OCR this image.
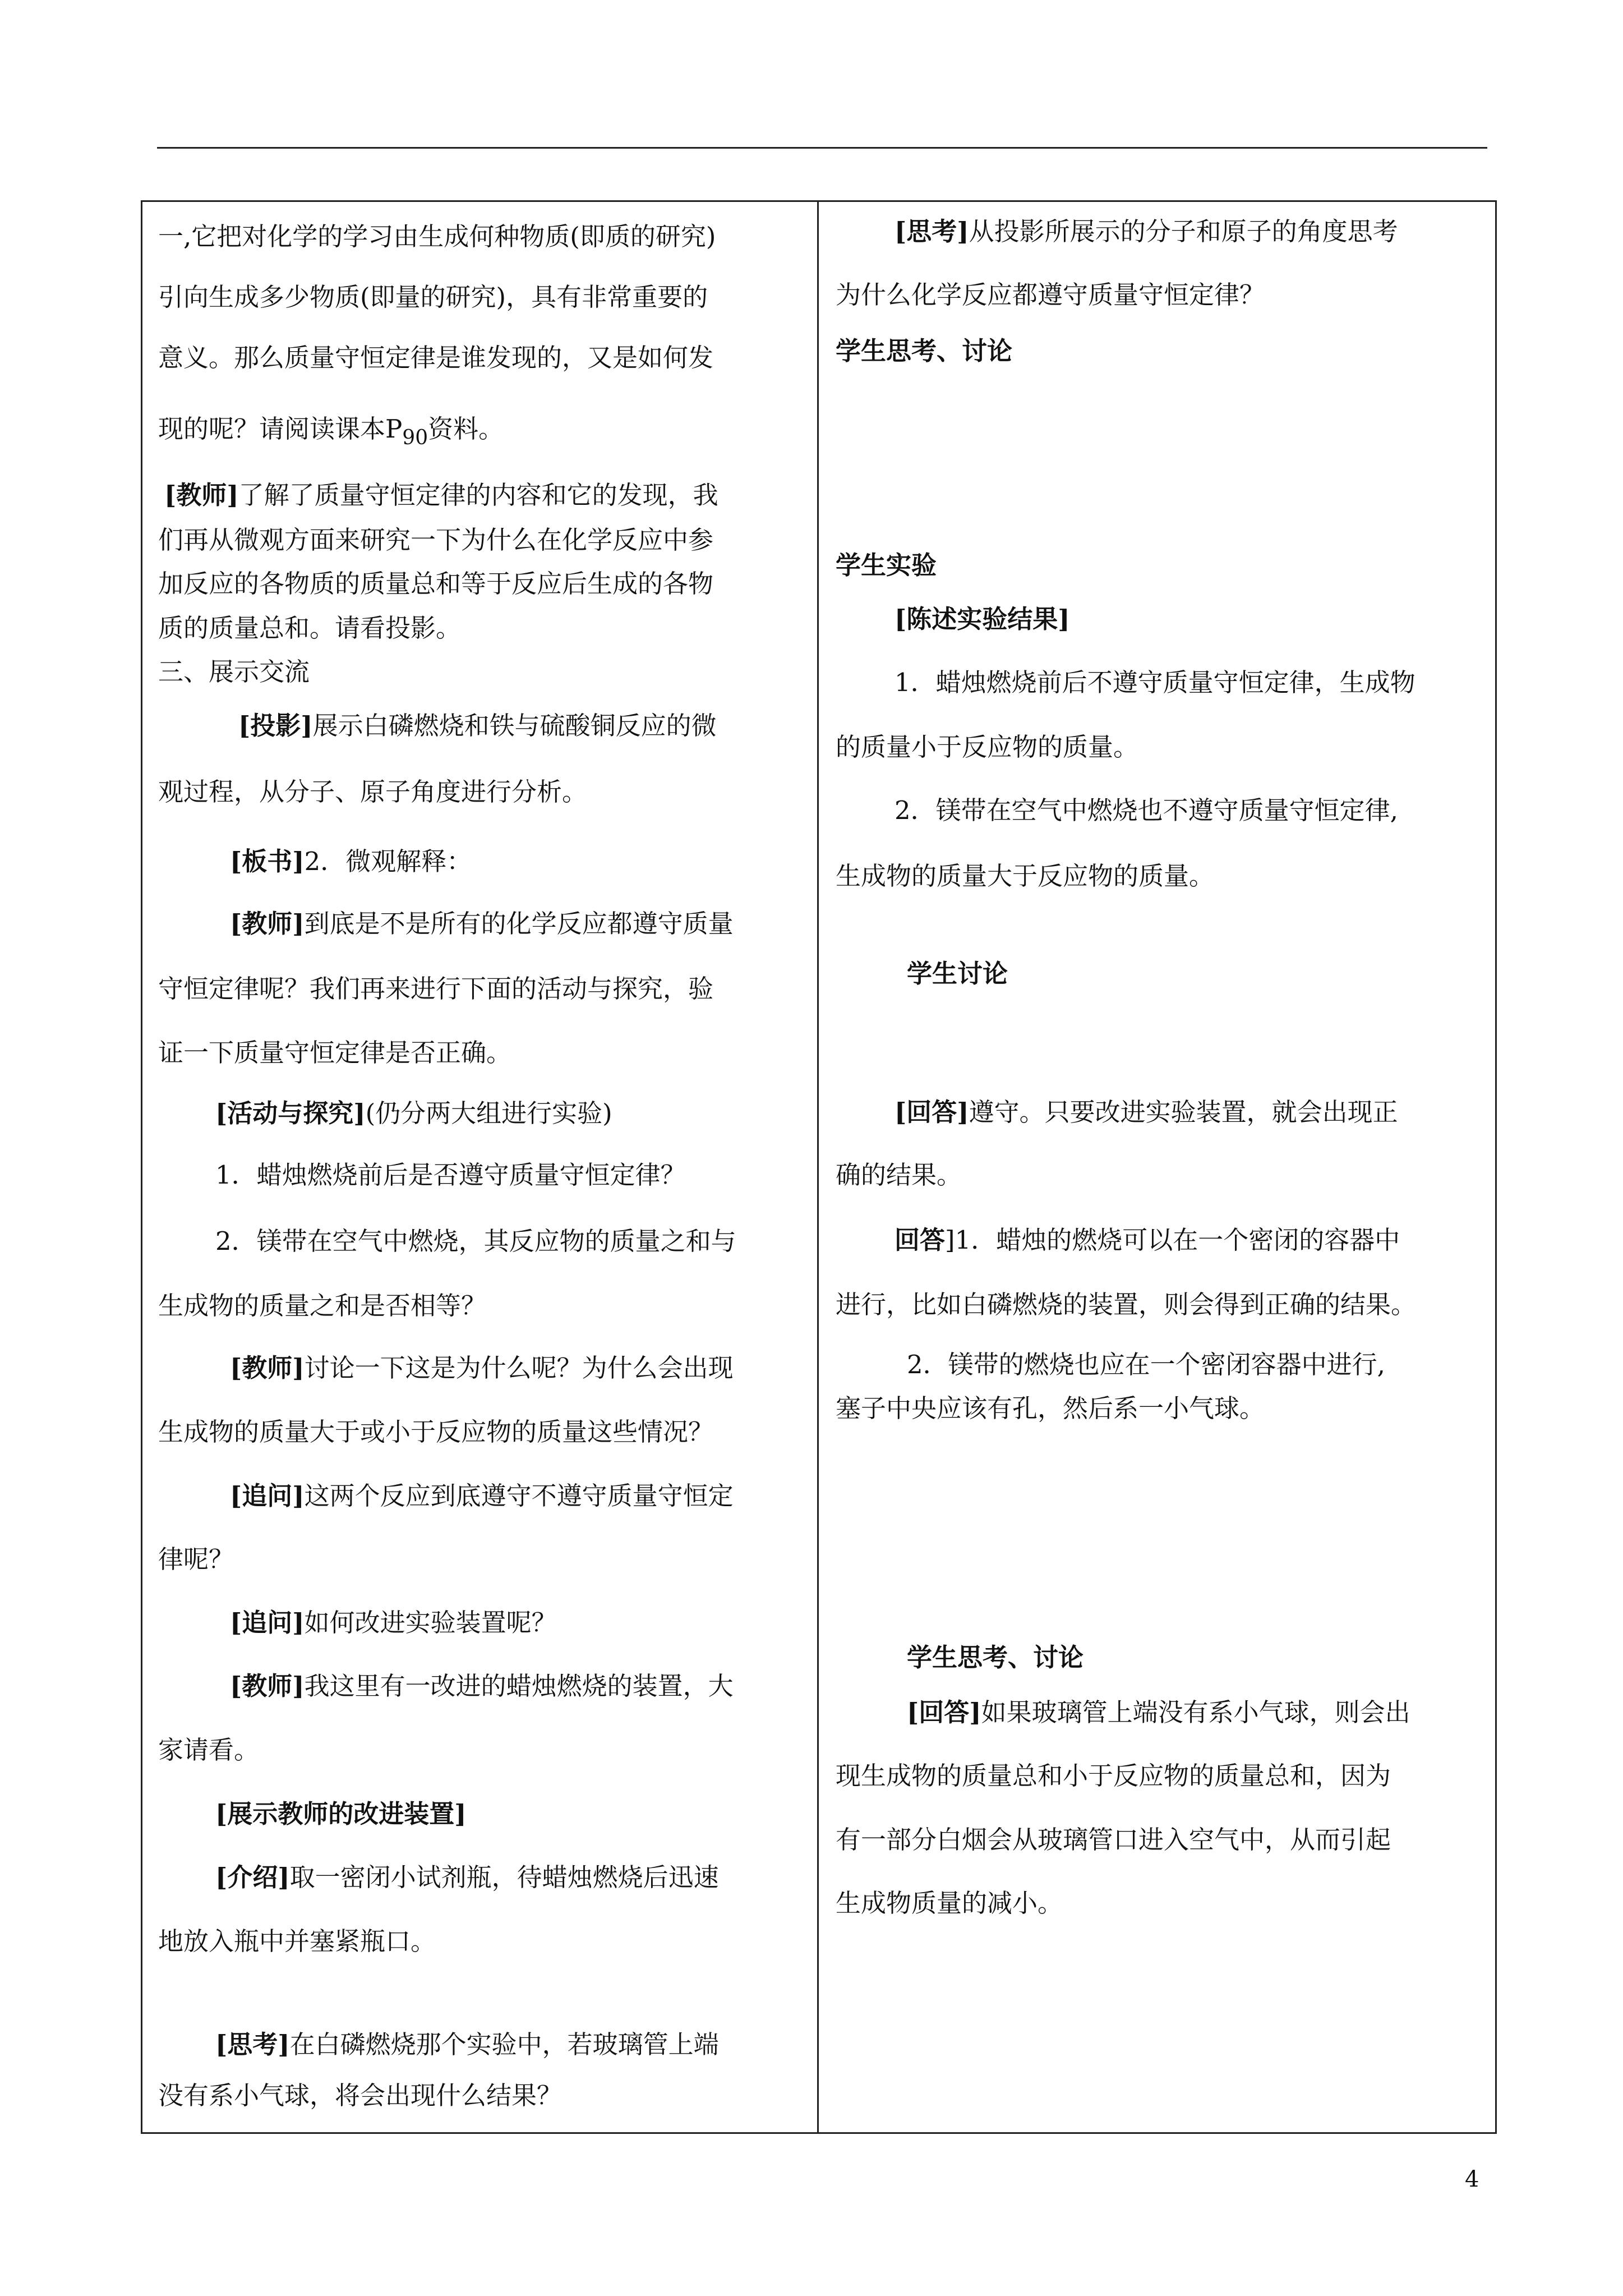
一,它把对化学的学习由生成何种物质(即质的研究)
引向生成多少物质(即量的研究)，具有非常重要的
意义。那么质量守恒定律是谁发现的，又是如何发
现的呢？请阅读课本$P_{90}$资料。
[教师]了解了质量守恒定律的内容和它的发现，我
们再从微观方面来研究一下为什么在化学反应中参
加反应的各物质的质量总和等于反应后生成的各物
质的质量总和。请看投影。
三、展示交流
[投影]展示白磷燃烧和铁与硫酸铜反应的微
观过程，从分子、原子角度进行分析。
[板书]2．微观解释：
[教师]到底是不是所有的化学反应都遵守质量
守恒定律呢？我们再来进行下面的活动与探究，验
证一下质量守恒定律是否正确。
[活动与探究](仍分两大组进行实验)
1．蜡烛燃烧前后是否遵守质量守恒定律？
2．镁带在空气中燃烧，其反应物的质量之和与
生成物的质量之和是否相等？
[教师]讨论一下这是为什么呢？为什么会出现
生成物的质量大于或小于反应物的质量这些情况？
[追问]这两个反应到底遵守不遵守质量守恒定
律呢？
[追问]如何改进实验装置呢？
[教师]我这里有一改进的蜡烛燃烧的装置，大
家请看。
[展示教师的改进装置]
[介绍]取一密闭小试剂瓶，待蜡烛燃烧后迅速
地放入瓶中并塞紧瓶口。
[思考]在白磷燃烧那个实验中，若玻璃管上端
没有系小气球，将会出现什么结果？
[思考]从投影所展示的分子和原子的角度思考
为什么化学反应都遵守质量守恒定律？
学生思考、讨论
学生实验
[陈述实验结果]
1．蜡烛燃烧前后不遵守质量守恒定律，生成物
的质量小于反应物的质量。
2．镁带在空气中燃烧也不遵守质量守恒定律,
生成物的质量大于反应物的质量。
学生讨论
[回答]遵守。只要改进实验装置，就会出现正
确的结果。
回答]1．蜡烛的燃烧可以在一个密闭的容器中
进行，比如白磷燃烧的装置，则会得到正确的结果。
2．镁带的燃烧也应在一个密闭容器中进行,
塞子中央应该有孔，然后系一小气球。
学生思考、讨论
[回答]如果玻璃管上端没有系小气球，则会出
现生成物的质量总和小于反应物的质量总和，因为
有一部分白烟会从玻璃管口进入空气中，从而引起
生成物质量的减小。
4
